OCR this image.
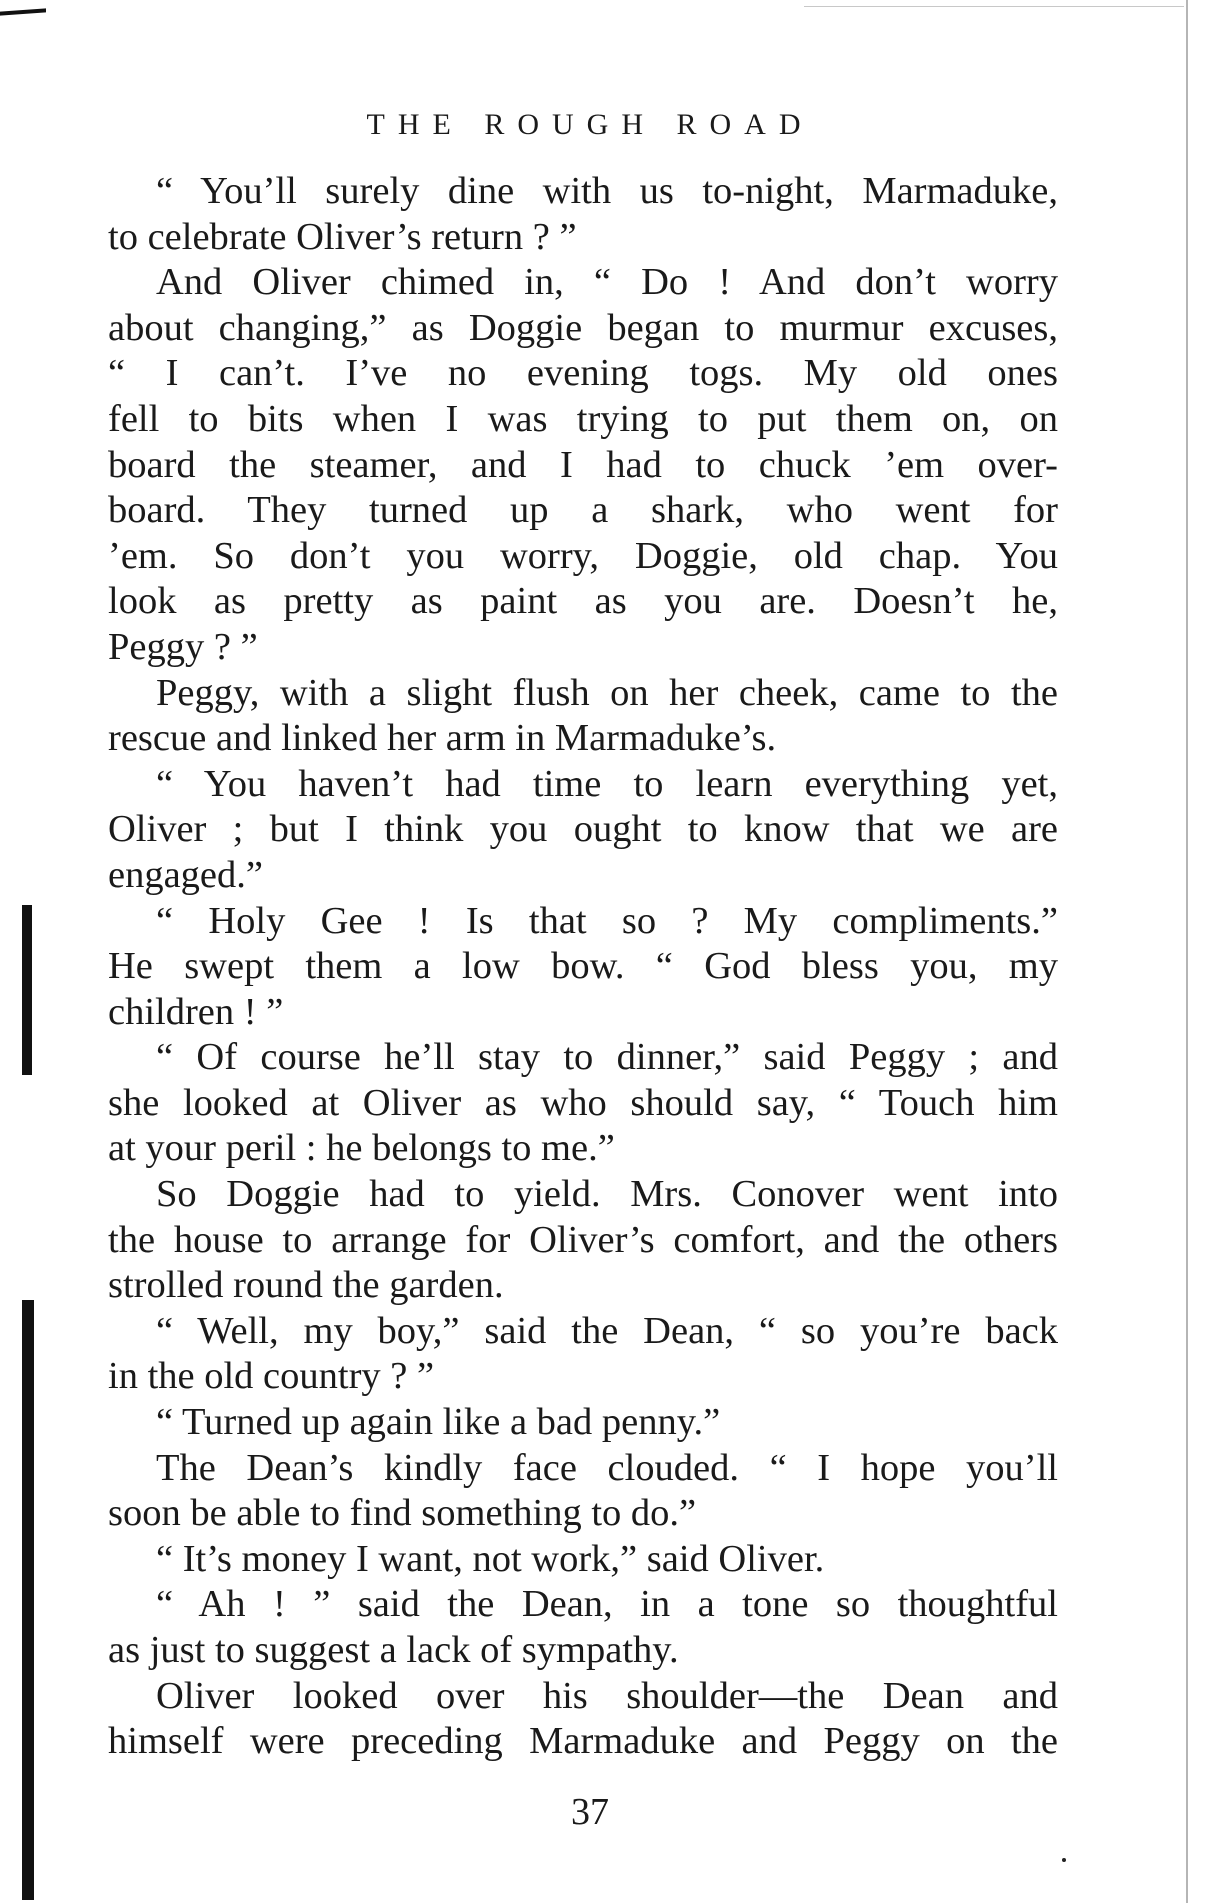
THE ROUGH ROAD
“ You’ll surely dine with us to-night, Marmaduke,
to celebrate Oliver’s return ? ”
And Oliver chimed in, “ Do ! And don’t worry
about changing,” as Doggie began to murmur excuses,
“ I can’t. I’ve no evening togs. My old ones
fell to bits when I was trying to put them on, on
board the steamer, and I had to chuck ’em over-
board. They turned up a shark, who went for
’em. So don’t you worry, Doggie, old chap. You
look as pretty as paint as you are. Doesn’t he,
Peggy ? ”
Peggy, with a slight flush on her cheek, came to the
rescue and linked her arm in Marmaduke’s.
“ You haven’t had time to learn everything yet,
Oliver ; but I think you ought to know that we are
engaged.”
“ Holy Gee ! Is that so ? My compliments.”
He swept them a low bow. “ God bless you, my
children ! ”
“ Of course he’ll stay to dinner,” said Peggy ; and
she looked at Oliver as who should say, “ Touch him
at your peril : he belongs to me.”
So Doggie had to yield. Mrs. Conover went into
the house to arrange for Oliver’s comfort, and the others
strolled round the garden.
“ Well, my boy,” said the Dean, “ so you’re back
in the old country ? ”
“ Turned up again like a bad penny.”
The Dean’s kindly face clouded. “ I hope you’ll
soon be able to find something to do.”
“ It’s money I want, not work,” said Oliver.
“ Ah ! ” said the Dean, in a tone so thoughtful
as just to suggest a lack of sympathy.
Oliver looked over his shoulder—the Dean and
himself were preceding Marmaduke and Peggy on the
37
